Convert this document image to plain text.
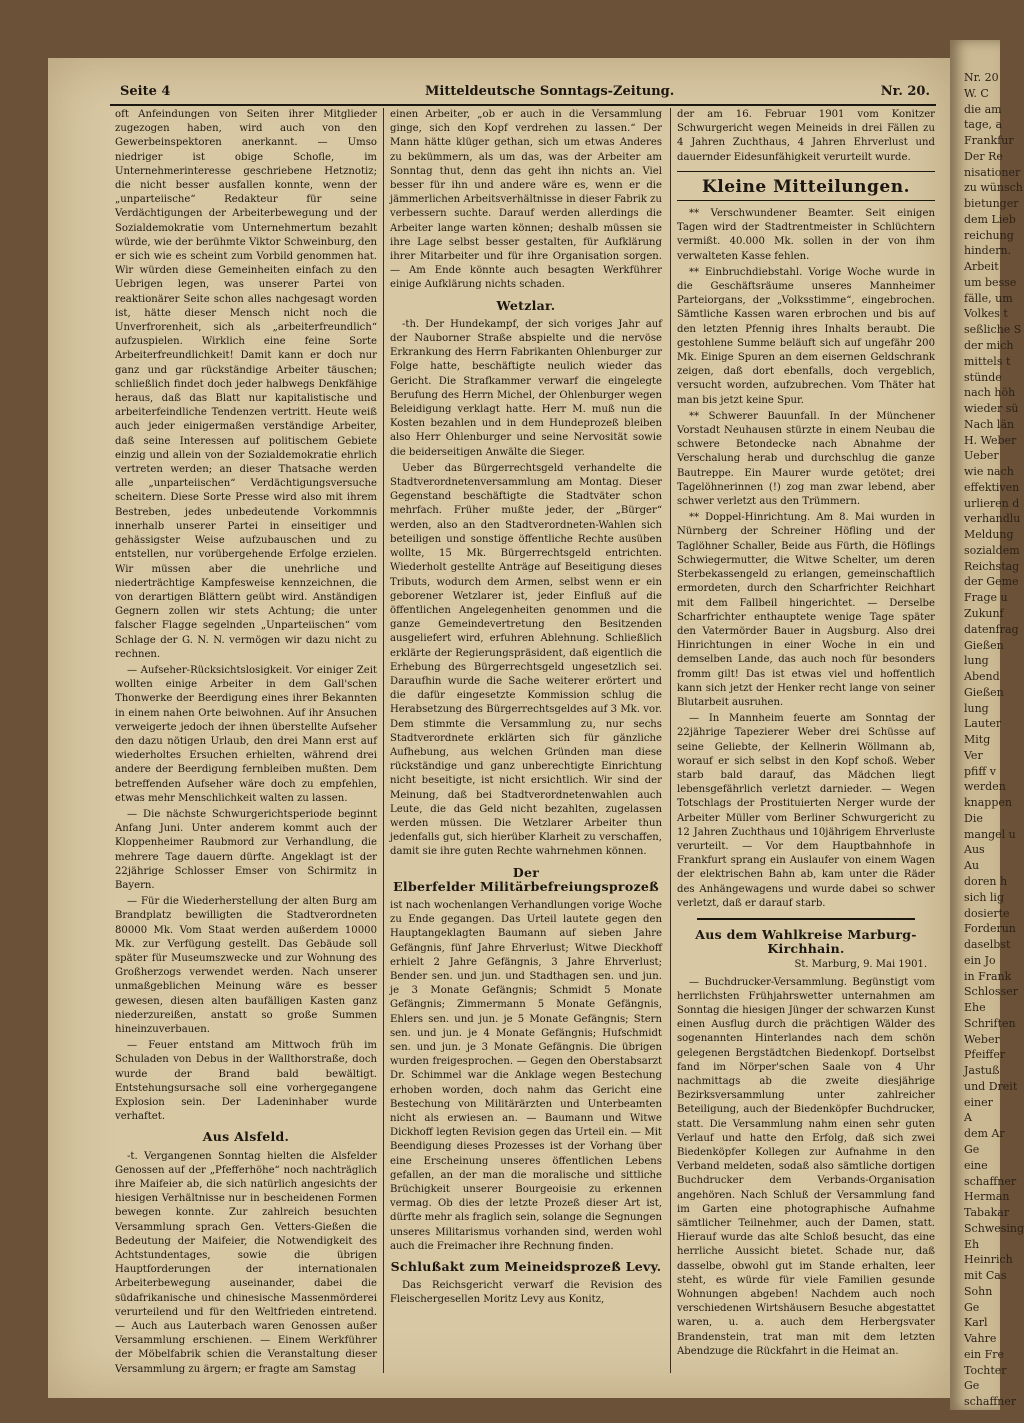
Nr. 20
W. C
die am
tage, a
Frankfur
Der Re
nisationer
zu wünsch
bietunger
dem Lieb
reichung
hindern.
Arbeit
um besse
fälle, um
Volkes t
seßliche S
der mich
mittels t
stünde
nach höh
wieder sü
Nach län
H. Weber
Ueber
wie nach
effektiven
urlieren d
verhandlu
Meldung
sozialdem
Reichstag
der Geme
Frage u
Zukunf
datenfrag
Gießen
lung
Abend
Gießen
lung
Lauter
Mitg
Ver
pfiff v
werden
knappen
Die
mangel u
Aus
Au
doren h
sich lig
dosierte
Forderun
daselbst
ein Jo
in Frank
Schlosser
Ehe
Schriften
Weber
Pfeiffer
Jastuß
und Dreit
einer
A
dem Ar
Ge
eine
schaffner
Herman
Tabakar
Schwesing
Eh
Heinrich
mit Cas
Sohn
Ge
Karl
Vahre
ein Fre
Tochter
Ge
schaffner
Seite 4	Mitteldeutsche Sonntags-Zeitung.	Nr. 20.

oft Anfeindungen von Seiten ihrer Mitglieder zugezogen haben, wird auch von den Gewerbeinspektoren anerkannt. — Umso niedriger ist obige Schofle, im Unternehmerinteresse geschriebene Hetznotiz; die nicht besser ausfallen konnte, wenn der „unparteiische“ Redakteur für seine Verdächtigungen der Arbeiterbewegung und der Sozialdemokratie vom Unternehmertum bezahlt würde, wie der berühmte Viktor Schweinburg, den er sich wie es scheint zum Vorbild genommen hat. Wir würden diese Gemeinheiten einfach zu den Uebrigen legen, was unserer Partei von reaktionärer Seite schon alles nachgesagt worden ist, hätte dieser Mensch nicht noch die Unverfrorenheit, sich als „arbeiterfreundlich“ aufzuspielen. Wirklich eine feine Sorte Arbeiterfreundlichkeit! Damit kann er doch nur ganz und gar rückständige Arbeiter täuschen; schließlich findet doch jeder halbwegs Denkfähige heraus, daß das Blatt nur kapitalistische und arbeiterfeindliche Tendenzen vertritt. Heute weiß auch jeder einigermaßen verständige Arbeiter, daß seine Interessen auf politischem Gebiete einzig und allein von der Sozialdemokratie ehrlich vertreten werden; an dieser Thatsache werden alle „unparteiischen“ Verdächtigungsversuche scheitern. Diese Sorte Presse wird also mit ihrem Bestreben, jedes unbedeutende Vorkommnis innerhalb unserer Partei in einseitiger und gehässigster Weise aufzubauschen und zu entstellen, nur vorübergehende Erfolge erzielen. Wir müssen aber die unehrliche und niederträchtige Kampfesweise kennzeichnen, die von derartigen Blättern geübt wird. Anständigen Gegnern zollen wir stets Achtung; die unter falscher Flagge segelnden „Unparteiischen“ vom Schlage der G. N. N. vermögen wir dazu nicht zu rechnen.

— Aufseher-Rücksichtslosigkeit. Vor einiger Zeit wollten einige Arbeiter in dem Gall'schen Thonwerke der Beerdigung eines ihrer Bekannten in einem nahen Orte beiwohnen. Auf ihr Ansuchen verweigerte jedoch der ihnen überstellte Aufseher den dazu nötigen Urlaub, den drei Mann erst auf wiederholtes Ersuchen erhielten, während drei andere der Beerdigung fernbleiben mußten. Dem betreffenden Aufseher wäre doch zu empfehlen, etwas mehr Menschlichkeit walten zu lassen.

— Die nächste Schwurgerichtsperiode beginnt Anfang Juni. Unter anderem kommt auch der Kloppenheimer Raubmord zur Verhandlung, die mehrere Tage dauern dürfte. Angeklagt ist der 22jährige Schlosser Emser von Schirmitz in Bayern.

— Für die Wiederherstellung der alten Burg am Brandplatz bewilligten die Stadtverordneten 80000 Mk. Vom Staat werden außerdem 10000 Mk. zur Verfügung gestellt. Das Gebäude soll später für Museumszwecke und zur Wohnung des Großherzogs verwendet werden. Nach unserer unmaßgeblichen Meinung wäre es besser gewesen, diesen alten baufälligen Kasten ganz niederzureißen, anstatt so große Summen hineinzuverbauen.

— Feuer entstand am Mittwoch früh im Schuladen von Debus in der Wallthorstraße, doch wurde der Brand bald bewältigt. Entstehungsursache soll eine vorhergegangene Explosion sein. Der Ladeninhaber wurde verhaftet.

Aus Alsfeld.

-t. Vergangenen Sonntag hielten die Alsfelder Genossen auf der „Pfefferhöhe“ noch nachträglich ihre Maifeier ab, die sich natürlich angesichts der hiesigen Verhältnisse nur in bescheidenen Formen bewegen konnte. Zur zahlreich besuchten Versammlung sprach Gen. Vetters-Gießen die Bedeutung der Maifeier, die Notwendigkeit des Achtstundentages, sowie die übrigen Hauptforderungen der internationalen Arbeiterbewegung auseinander, dabei die südafrikanische und chinesische Massenmörderei verurteilend und für den Weltfrieden eintretend. — Auch aus Lauterbach waren Genossen außer Versammlung erschienen. — Einem Werkführer der Möbelfabrik schien die Veranstaltung dieser Versammlung zu ärgern; er fragte am Samstag

einen Arbeiter, „ob er auch in die Versammlung ginge, sich den Kopf verdrehen zu lassen.“ Der Mann hätte klüger gethan, sich um etwas Anderes zu bekümmern, als um das, was der Arbeiter am Sonntag thut, denn das geht ihn nichts an. Viel besser für ihn und andere wäre es, wenn er die jämmerlichen Arbeitsverhältnisse in dieser Fabrik zu verbessern suchte. Darauf werden allerdings die Arbeiter lange warten können; deshalb müssen sie ihre Lage selbst besser gestalten, für Aufklärung ihrer Mitarbeiter und für ihre Organisation sorgen. — Am Ende könnte auch besagten Werkführer einige Aufklärung nichts schaden.

Wetzlar.

-th. Der Hundekampf, der sich voriges Jahr auf der Nauborner Straße abspielte und die nervöse Erkrankung des Herrn Fabrikanten Ohlenburger zur Folge hatte, beschäftigte neulich wieder das Gericht. Die Strafkammer verwarf die eingelegte Berufung des Herrn Michel, der Ohlenburger wegen Beleidigung verklagt hatte. Herr M. muß nun die Kosten bezahlen und in dem Hundeprozeß bleiben also Herr Ohlenburger und seine Nervosität sowie die beiderseitigen Anwälte die Sieger.

Ueber das Bürgerrechtsgeld verhandelte die Stadtverordnetenversammlung am Montag. Dieser Gegenstand beschäftigte die Stadtväter schon mehrfach. Früher mußte jeder, der „Bürger“ werden, also an den Stadtverordneten-Wahlen sich beteiligen und sonstige öffentliche Rechte ausüben wollte, 15 Mk. Bürgerrechtsgeld entrichten. Wiederholt gestellte Anträge auf Beseitigung dieses Tributs, wodurch dem Armen, selbst wenn er ein geborener Wetzlarer ist, jeder Einfluß auf die öffentlichen Angelegenheiten genommen und die ganze Gemeindevertretung den Besitzenden ausgeliefert wird, erfuhren Ablehnung. Schließlich erklärte der Regierungspräsident, daß eigentlich die Erhebung des Bürgerrechtsgeld ungesetzlich sei. Daraufhin wurde die Sache weiterer erörtert und die dafür eingesetzte Kommission schlug die Herabsetzung des Bürgerrechtsgeldes auf 3 Mk. vor. Dem stimmte die Versammlung zu, nur sechs Stadtverordnete erklärten sich für gänzliche Aufhebung, aus welchen Gründen man diese rückständige und ganz unberechtigte Einrichtung nicht beseitigte, ist nicht ersichtlich. Wir sind der Meinung, daß bei Stadtverordnetenwahlen auch Leute, die das Geld nicht bezahlten, zugelassen werden müssen. Die Wetzlarer Arbeiter thun jedenfalls gut, sich hierüber Klarheit zu verschaffen, damit sie ihre guten Rechte wahrnehmen können.

Der
Elberfelder Militärbefreiungsprozeß

ist nach wochenlangen Verhandlungen vorige Woche zu Ende gegangen. Das Urteil lautete gegen den Hauptangeklagten Baumann auf sieben Jahre Gefängnis, fünf Jahre Ehrverlust; Witwe Dieckhoff erhielt 2 Jahre Gefängnis, 3 Jahre Ehrverlust; Bender sen. und jun. und Stadthagen sen. und jun. je 3 Monate Gefängnis; Schmidt 5 Monate Gefängnis; Zimmermann 5 Monate Gefängnis, Ehlers sen. und jun. je 5 Monate Gefängnis; Stern sen. und jun. je 4 Monate Gefängnis; Hufschmidt sen. und jun. je 3 Monate Gefängnis. Die übrigen wurden freigesprochen. — Gegen den Oberstabsarzt Dr. Schimmel war die Anklage wegen Bestechung erhoben worden, doch nahm das Gericht eine Bestechung von Militärärzten und Unterbeamten nicht als erwiesen an. — Baumann und Witwe Dickhoff legten Revision gegen das Urteil ein. — Mit Beendigung dieses Prozesses ist der Vorhang über eine Erscheinung unseres öffentlichen Lebens gefallen, an der man die moralische und sittliche Brüchigkeit unserer Bourgeoisie zu erkennen vermag. Ob dies der letzte Prozeß dieser Art ist, dürfte mehr als fraglich sein, solange die Segnungen unseres Militarismus vorhanden sind, werden wohl auch die Freimacher ihre Rechnung finden.

Schlußakt zum Meineidsprozeß Levy.

Das Reichsgericht verwarf die Revision des Fleischergesellen Moritz Levy aus Konitz,

der am 16. Februar 1901 vom Konitzer Schwurgericht wegen Meineids in drei Fällen zu 4 Jahren Zuchthaus, 4 Jahren Ehrverlust und dauernder Eidesunfähigkeit verurteilt wurde.

Kleine Mitteilungen.

** Verschwundener Beamter. Seit einigen Tagen wird der Stadtrentmeister in Schlüchtern vermißt. 40.000 Mk. sollen in der von ihm verwalteten Kasse fehlen.

** Einbruchdiebstahl. Vorige Woche wurde in die Geschäftsräume unseres Mannheimer Parteiorgans, der „Volksstimme“, eingebrochen. Sämtliche Kassen waren erbrochen und bis auf den letzten Pfennig ihres Inhalts beraubt. Die gestohlene Summe beläuft sich auf ungefähr 200 Mk. Einige Spuren an dem eisernen Geldschrank zeigen, daß dort ebenfalls, doch vergeblich, versucht worden, aufzubrechen. Vom Thäter hat man bis jetzt keine Spur.

** Schwerer Bauunfall. In der Münchener Vorstadt Neuhausen stürzte in einem Neubau die schwere Betondecke nach Abnahme der Verschalung herab und durchschlug die ganze Bautreppe. Ein Maurer wurde getötet; drei Tagelöhnerinnen (!) zog man zwar lebend, aber schwer verletzt aus den Trümmern.

** Doppel-Hinrichtung. Am 8. Mai wurden in Nürnberg der Schreiner Höfling und der Taglöhner Schaller, Beide aus Fürth, die Höflings Schwiegermutter, die Witwe Schelter, um deren Sterbekassengeld zu erlangen, gemeinschaftlich ermordeten, durch den Scharfrichter Reichhart mit dem Fallbeil hingerichtet. — Derselbe Scharfrichter enthauptete wenige Tage später den Vatermörder Bauer in Augsburg. Also drei Hinrichtungen in einer Woche in ein und demselben Lande, das auch noch für besonders fromm gilt! Das ist etwas viel und hoffentlich kann sich jetzt der Henker recht lange von seiner Blutarbeit ausruhen.

— In Mannheim feuerte am Sonntag der 22jährige Tapezierer Weber drei Schüsse auf seine Geliebte, der Kellnerin Wöllmann ab, worauf er sich selbst in den Kopf schoß. Weber starb bald darauf, das Mädchen liegt lebensgefährlich verletzt darnieder. — Wegen Totschlags der Prostituierten Nerger wurde der Arbeiter Müller vom Berliner Schwurgericht zu 12 Jahren Zuchthaus und 10jährigem Ehrverluste verurteilt. — Vor dem Hauptbahnhofe in Frankfurt sprang ein Auslaufer von einem Wagen der elektrischen Bahn ab, kam unter die Räder des Anhängewagens und wurde dabei so schwer verletzt, daß er darauf starb.

Aus dem Wahlkreise Marburg-
Kirchhain.
St. Marburg, 9. Mai 1901.

— Buchdrucker-Versammlung. Begünstigt vom herrlichsten Frühjahrswetter unternahmen am Sonntag die hiesigen Jünger der schwarzen Kunst einen Ausflug durch die prächtigen Wälder des sogenannten Hinterlandes nach dem schön gelegenen Bergstädtchen Biedenkopf. Dortselbst fand im Nörper'schen Saale von 4 Uhr nachmittags ab die zweite diesjährige Bezirksversammlung unter zahlreicher Beteiligung, auch der Biedenköpfer Buchdrucker, statt. Die Versammlung nahm einen sehr guten Verlauf und hatte den Erfolg, daß sich zwei Biedenköpfer Kollegen zur Aufnahme in den Verband meldeten, sodaß also sämtliche dortigen Buchdrucker dem Verbands-Organisation angehören. Nach Schluß der Versammlung fand im Garten eine photographische Aufnahme sämtlicher Teilnehmer, auch der Damen, statt. Hierauf wurde das alte Schloß besucht, das eine herrliche Aussicht bietet. Schade nur, daß dasselbe, obwohl gut im Stande erhalten, leer steht, es würde für viele Familien gesunde Wohnungen abgeben! Nachdem auch noch verschiedenen Wirtshäusern Besuche abgestattet waren, u. a. auch dem Herbergsvater Brandenstein, trat man mit dem letzten Abendzuge die Rückfahrt in die Heimat an.
